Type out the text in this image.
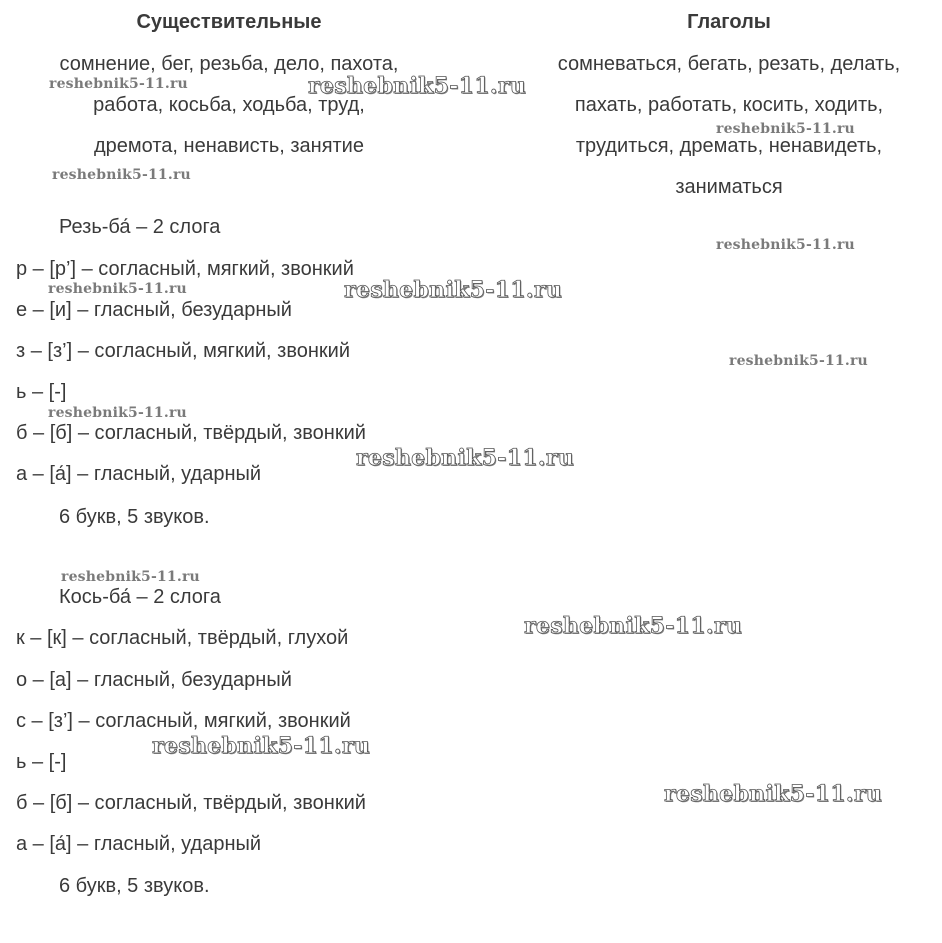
Существительные	Глаголы
сомнение, бег, резьба, дело, пахота,
работа, косьба, ходьба, труд,
дремота, ненависть, занятие
сомневаться, бегать, резать, делать,
пахать, работать, косить, ходить,
трудиться, дремать, ненавидеть,
заниматься
Резь-ба́ – 2 слога
р – [р’] – согласный, мягкий, звонкий
е – [и] – гласный, безударный
з – [з’] – согласный, мягкий, звонкий
ь – [-]
б – [б] – согласный, твёрдый, звонкий
а – [а́] – гласный, ударный
6 букв, 5 звуков.
Кось-ба́ – 2 слога
к – [к] – согласный, твёрдый, глухой
о – [а] – гласный, безударный
с – [з’] – согласный, мягкий, звонкий
ь – [-]
б – [б] – согласный, твёрдый, звонкий
а – [а́] – гласный, ударный
6 букв, 5 звуков.
reshebnik5-11.ru
reshebnik5-11.ru
reshebnik5-11.ru
reshebnik5-11.ru
reshebnik5-11.ru
reshebnik5-11.ru
reshebnik5-11.ru
reshebnik5-11.ru
reshebnik5-11.ru
reshebnik5-11.ru
reshebnik5-11.ru
reshebnik5-11.ru
reshebnik5-11.ru
reshebnik5-11.ru
